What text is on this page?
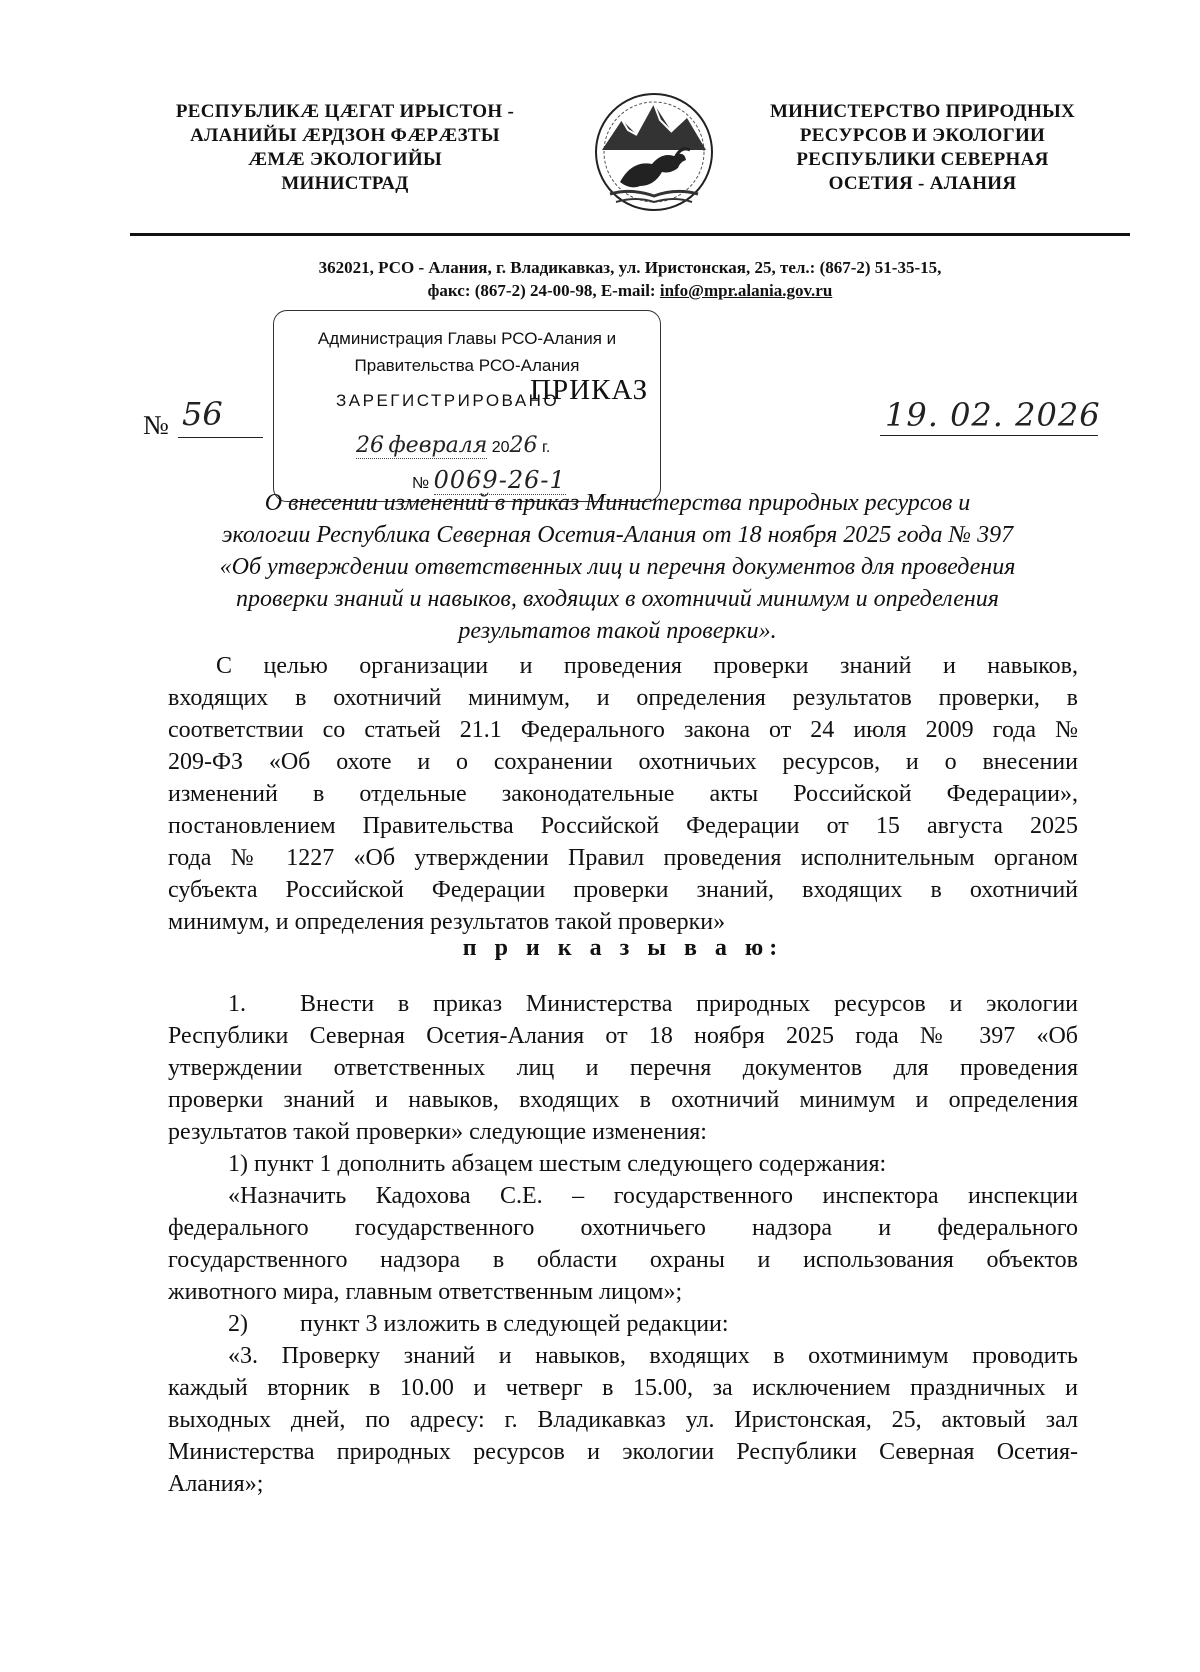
РЕСПУБЛИКÆ ЦÆГАТ ИРЫСТОН -
АЛАНИЙЫ ÆРДЗОН ФÆРÆЗТЫ
ÆМÆ ЭКОЛОГИЙЫ
МИНИСТРАД
МИНИСТЕРСТВО ПРИРОДНЫХ
РЕСУРСОВ И ЭКОЛОГИИ
РЕСПУБЛИКИ СЕВЕРНАЯ
ОСЕТИЯ - АЛАНИЯ
362021, РСО - Алания, г. Владикавказ, ул. Иристонская, 25, тел.: (867-2) 51-35-15,
факс: (867-2) 24-00-98, E-mail: info@mpr.alania.gov.ru
Администрация Главы РСО-Алания и
Правительства РСО-Алания
ЗАРЕГИСТРИРОВАНО
26 февраля 2026 г.
№ 0069-26-1
ПРИКАЗ
№ 56	19. 02. 2026
О внесении изменений в приказ Министерства природных ресурсов и
экологии Республика Северная Осетия-Алания от 18 ноября 2025 года № 397
«Об утверждении ответственных лиц и перечня документов для проведения
проверки знаний и навыков, входящих в охотничий минимум и определения
результатов такой проверки».
С целью организации и проведения проверки знаний и навыков,
входящих в охотничий минимум, и определения результатов проверки, в
соответствии со статьей 21.1 Федерального закона от 24 июля 2009 года №
209-ФЗ «Об охоте и о сохранении охотничьих ресурсов, и о внесении
изменений в отдельные законодательные акты Российской Федерации»,
постановлением Правительства Российской Федерации от 15 августа 2025
года № 1227 «Об утверждении Правил проведения исполнительным органом
субъекта Российской Федерации проверки знаний, входящих в охотничий
минимум, и определения результатов такой проверки»
п р и к а з ы в а ю:
1. Внести в приказ Министерства природных ресурсов и экологии
Республики Северная Осетия-Алания от 18 ноября 2025 года № 397 «Об
утверждении ответственных лиц и перечня документов для проведения
проверки знаний и навыков, входящих в охотничий минимум и определения
результатов такой проверки» следующие изменения:
1) пункт 1 дополнить абзацем шестым следующего содержания:
«Назначить Кадохова С.Е. – государственного инспектора инспекции
федерального государственного охотничьего надзора и федерального
государственного надзора в области охраны и использования объектов
животного мира, главным ответственным лицом»;
2) пункт 3 изложить в следующей редакции:
«3. Проверку знаний и навыков, входящих в охотминимум проводить
каждый вторник в 10.00 и четверг в 15.00, за исключением праздничных и
выходных дней, по адресу: г. Владикавказ ул. Иристонская, 25, актовый зал
Министерства природных ресурсов и экологии Республики Северная Осетия-
Алания»;
